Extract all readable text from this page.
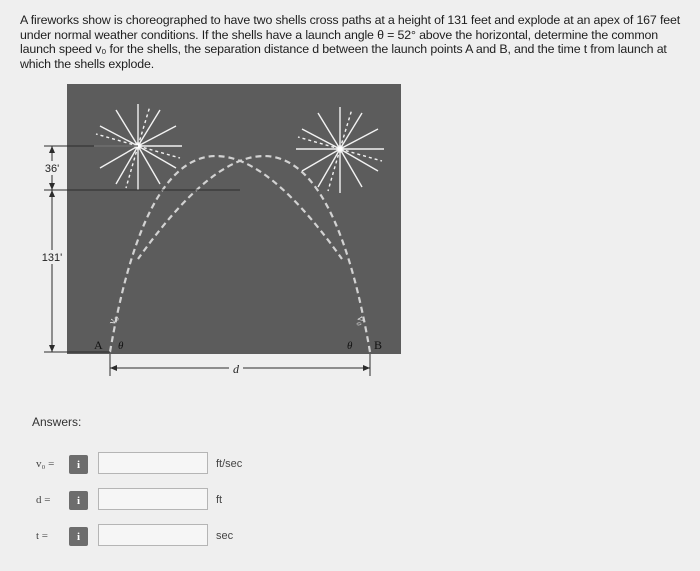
A fireworks show is choreographed to have two shells cross paths at a height of 131 feet and explode at an apex of 167 feet under normal weather conditions. If the shells have a launch angle θ = 52° above the horizontal, determine the common launch speed v₀ for the shells, the separation distance d between the launch points A and B, and the time t from launch at which the shells explode.
36'
131'
v₀	v₀
A θ	θ B
d
Answers:
v₀ =	i	ft/sec
d =	i	ft
t =	i	sec
